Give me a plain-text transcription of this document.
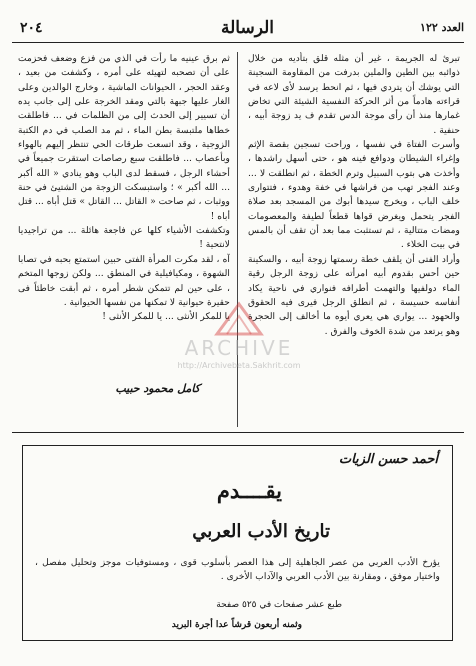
العدد ١٢٢
الرسالة
٢٠٤

تبرئ له الجريمة ، غير أن مثله قلق بتأديه من خلال ذوائبه بين الطين والملين بدرفت من المقاومة السجينة التي يوشك أن يتردي فيها ، ثم انحط يرسد لأى لاعه في قراءته هادماً من أثر الحركة النفسية الشيئة التي تخاض غمارها منذ أن رأى موجة الدس تقدم ف يد زوجة أبيه ، حنفية .

وأسرت الفتاة في نفسها ، وراحت تسجين بقصة الإثم وإغراء الشيطان ودوافع فينه هو ، حتى أسهل راشدها ، وأخذت هي بتوب السبيل وترم الخطة ، ثم انطلقت لا ... وعند الفجر تهب من فراشها في خفة وهدوء ، فتتوارى خلف الباب ، ويخرج سيدها أبوك من المسجد بعد صلاة الفجر يتحمل ويغرض قواها قطعاً لطيفة والمعصومات ومضات متتالية ، ثم تستثبت مما بعد أن تقف أن بالمس في بيت الخلاء .

وأراد الفتى أن يلقف خطة رسمتها زوجة أبيه ، والسكينة حين أحس بقدوم أبيه امرأته على زوجة الرجل رقية الماء دولفيها والتهمت أطرافه فنواري في ناحية يكاد أنفاسه حسيسة ، ثم انطلق الرجل فيرى فيه الحقوق والحهود ... يواري هي يعري أيوه ما أخالف إلى الحجرة وهو يرتعد من شدة الخوف والفرق .

ثم برق عينيه ما رأت في الذي من فزع وضعف فحزمت على أن تصحبه لتهيئه على أمره ، وكشفت من بعيد ، وعقد الحجر ، الحيوانات الماشية ، وخارج الوالدين وعلى الغار عليها جبهة بالتي ومقد الخرجة على إلى جانب يده أن تسيير إلى الحدث إلى من الظلمات في ... فاطلقت خطاها ملتبسة بطن الماء ، ثم مد الصلب في دم الكتبة الزوجية ، وقد اتسعت طرقات الحي تنتظر إليهم بالهواء وبأعصاب ... فاطلقت سبع رصاصات استقرت جميعاً في أحشاء الرجل ، فسقط لدى الباب وهو ينادي « الله أكبر ... الله أكبر » ؛ واستبسكت الزوجة من الشتيئ في حنة ووثبات ، ثم صاحت « القاتل ... القاتل » قتل أباه ... قتل أباه !

وتكشفت الأشياء كلها عن فاجعة هائلة ... من تراجيديا لانتحية !

آه ، لقد مكرت المرأة الفتى حبين استمتع بحبه في تصابا الشهوة ، ومكيافيلية في المنطق ... ولكن زوجها المتخم ، على حين لم تتمكن شطر أمره ، ثم أبقت خاطئاً فى حقيرة حيوانية لا تمكنها من نفسها الحيوانية .

يا للمكر الأنثى ... يا للمكر الأنثى !

كامل محمود حبيب
أحمد حسن الزيات
يقــــدم
تاريخ الأدب العربي
يؤرخ الأدب العربي من عصر الجاهلية إلى هذا العصر بأسلوب قوى ، ومستوفيات موجز وتحليل مفصل ، واختيار موفق ، ومقارنة بين الأدب العربي والآداب الأخرى .
طبع عشر صفحات في ٥٢٥ صفحة
وثمنه أربعون قرشاً عدا أجرة البريد
ARCHIVE
http://Archivebeta.Sakhrit.com
